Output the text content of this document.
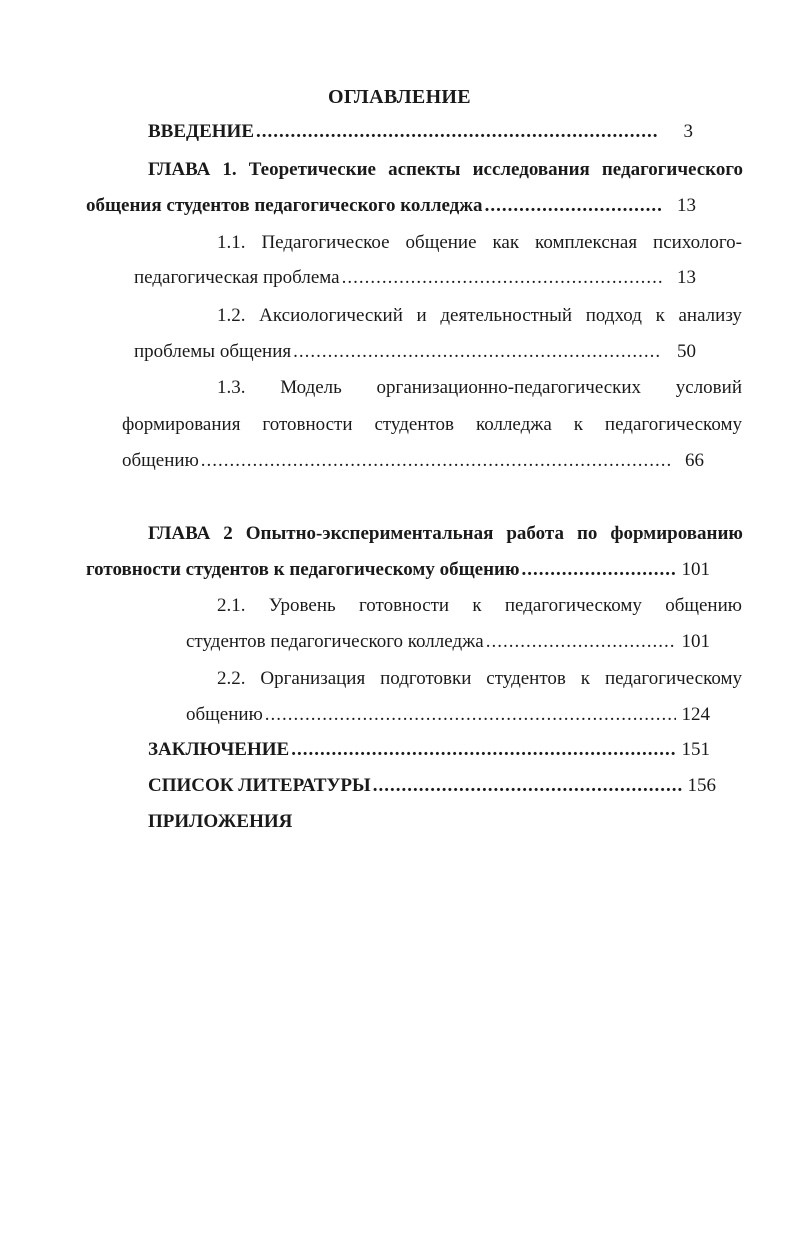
ОГЛАВЛЕНИЕ
ВВЕДЕНИЕ .....	3
ГЛАВА 1. Теоретические аспекты исследования педагогического
общения студентов педагогического колледжа .....	13
1.1. Педагогическое общение как комплексная психолого-
педагогическая проблема .....	13
1.2. Аксиологический и деятельностный подход к анализу
проблемы общения .....	50
1.3. Модель организационно-педагогических условий
формирования готовности студентов колледжа к педагогическому
общению .....	66
ГЛАВА 2 Опытно-экспериментальная работа по формированию
готовности студентов к педагогическому общению .....	101
2.1. Уровень готовности к педагогическому общению
студентов педагогического колледжа .....	101
2.2. Организация подготовки студентов к педагогическому
общению .....	124
ЗАКЛЮЧЕНИЕ .....	151
СПИСОК ЛИТЕРАТУРЫ .....	156
ПРИЛОЖЕНИЯ
